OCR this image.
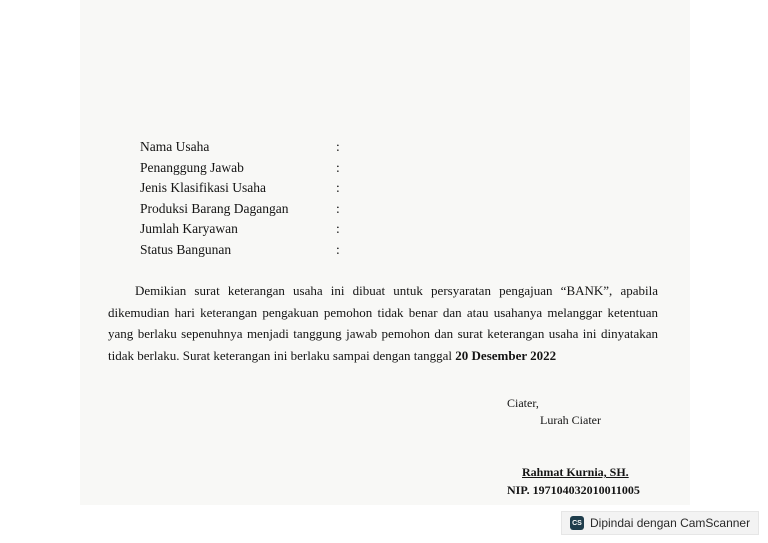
Nama Usaha	:
Penanggung Jawab	:
Jenis Klasifikasi Usaha	:
Produksi Barang Dagangan	:
Jumlah Karyawan	:
Status Bangunan	:

Demikian surat keterangan usaha ini dibuat untuk persyaratan pengajuan “BANK”, apabila dikemudian hari keterangan pengakuan pemohon tidak benar dan atau usahanya melanggar ketentuan yang berlaku sepenuhnya menjadi tanggung jawab pemohon dan surat keterangan usaha ini dinyatakan tidak berlaku. Surat keterangan ini berlaku sampai dengan tanggal 20 Desember 2022

Ciater,
Lurah Ciater
Rahmat Kurnia, SH.
NIP. 197104032010011005
CS Dipindai dengan CamScanner
